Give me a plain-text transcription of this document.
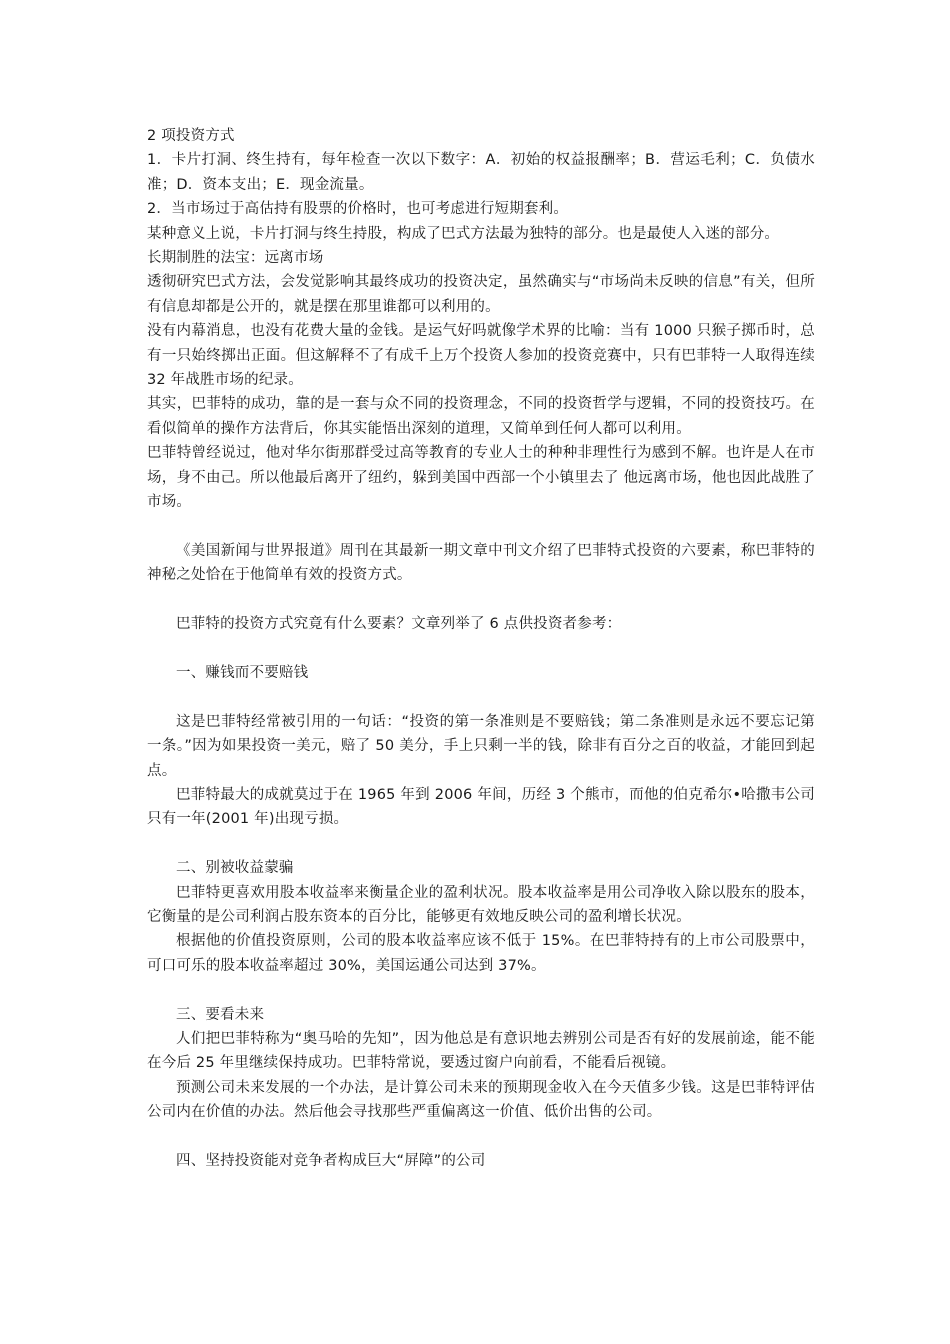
2 项投资方式

1．卡片打洞、终生持有，每年检查一次以下数字：A．初始的权益报酬率；B．营运毛利；C．负债水准；D．资本支出；E．现金流量。

2．当市场过于高估持有股票的价格时，也可考虑进行短期套利。

某种意义上说，卡片打洞与终生持股，构成了巴式方法最为独特的部分。也是最使人入迷的部分。

长期制胜的法宝：远离市场

透彻研究巴式方法，会发觉影响其最终成功的投资决定，虽然确实与“市场尚未反映的信息”有关，但所有信息却都是公开的，就是摆在那里谁都可以利用的。

没有内幕消息，也没有花费大量的金钱。是运气好吗就像学术界的比喻：当有 1000 只猴子掷币时，总有一只始终掷出正面。但这解释不了有成千上万个投资人参加的投资竞赛中，只有巴菲特一人取得连续 32 年战胜市场的纪录。

其实，巴菲特的成功，靠的是一套与众不同的投资理念，不同的投资哲学与逻辑，不同的投资技巧。在看似简单的操作方法背后，你其实能悟出深刻的道理，又简单到任何人都可以利用。

巴菲特曾经说过，他对华尔街那群受过高等教育的专业人士的种种非理性行为感到不解。也许是人在市场，身不由己。所以他最后离开了纽约，躲到美国中西部一个小镇里去了 他远离市场，他也因此战胜了市场。

《美国新闻与世界报道》周刊在其最新一期文章中刊文介绍了巴菲特式投资的六要素，称巴菲特的神秘之处恰在于他简单有效的投资方式。

巴菲特的投资方式究竟有什么要素？文章列举了 6 点供投资者参考：

一、赚钱而不要赔钱

这是巴菲特经常被引用的一句话：“投资的第一条准则是不要赔钱；第二条准则是永远不要忘记第一条。”因为如果投资一美元，赔了 50 美分，手上只剩一半的钱，除非有百分之百的收益，才能回到起点。

巴菲特最大的成就莫过于在 1965 年到 2006 年间，历经 3 个熊市，而他的伯克希尔•哈撒韦公司只有一年(2001 年)出现亏损。

二、别被收益蒙骗

巴菲特更喜欢用股本收益率来衡量企业的盈利状况。股本收益率是用公司净收入除以股东的股本，它衡量的是公司利润占股东资本的百分比，能够更有效地反映公司的盈利增长状况。

根据他的价值投资原则，公司的股本收益率应该不低于 15%。在巴菲特持有的上市公司股票中，可口可乐的股本收益率超过 30%，美国运通公司达到 37%。

三、要看未来

人们把巴菲特称为“奥马哈的先知”，因为他总是有意识地去辨别公司是否有好的发展前途，能不能在今后 25 年里继续保持成功。巴菲特常说，要透过窗户向前看，不能看后视镜。

预测公司未来发展的一个办法，是计算公司未来的预期现金收入在今天值多少钱。这是巴菲特评估公司内在价值的办法。然后他会寻找那些严重偏离这一价值、低价出售的公司。

四、坚持投资能对竞争者构成巨大“屏障”的公司
